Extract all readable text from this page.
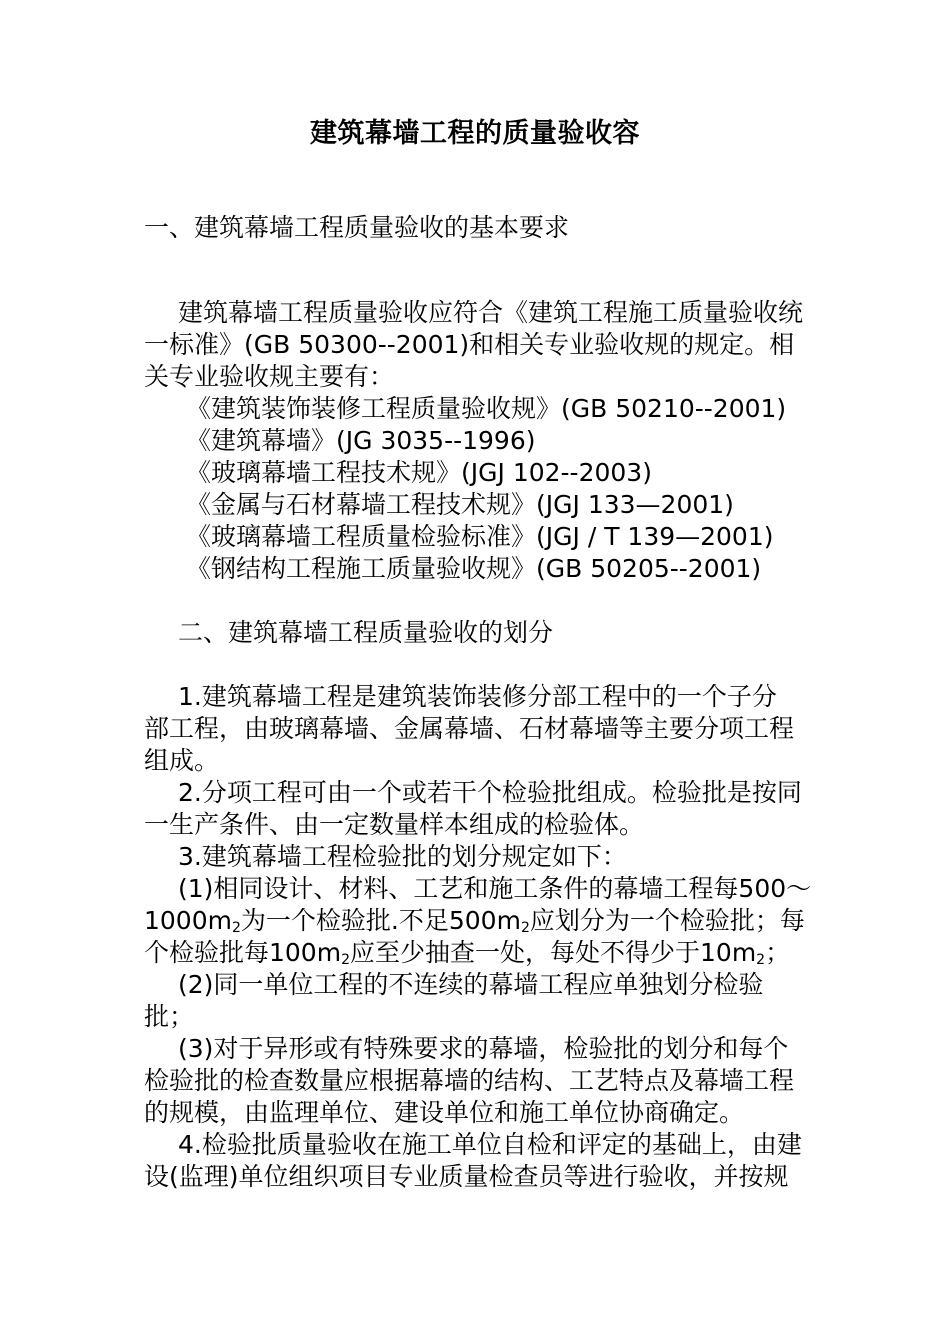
建筑幕墙工程的质量验收容
一、建筑幕墙工程质量验收的基本要求
建筑幕墙工程质量验收应符合《建筑工程施工质量验收统
一标准》(GB 50300--2001)和相关专业验收规的规定。相
关专业验收规主要有：
《建筑装饰装修工程质量验收规》(GB 50210--2001)
《建筑幕墙》(JG 3035--1996)
《玻璃幕墙工程技术规》(JGJ 102--2003)
《金属与石材幕墙工程技术规》(JGJ 133—2001)
《玻璃幕墙工程质量检验标准》(JGJ / T 139—2001)
《钢结构工程施工质量验收规》(GB 50205--2001)
二、建筑幕墙工程质量验收的划分
1.建筑幕墙工程是建筑装饰装修分部工程中的一个子分
部工程，由玻璃幕墙、金属幕墙、石材幕墙等主要分项工程
组成。
2.分项工程可由一个或若干个检验批组成。检验批是按同
一生产条件、由一定数量样本组成的检验体。
3.建筑幕墙工程检验批的划分规定如下：
(1)相同设计、材料、工艺和施工条件的幕墙工程每500～
$1000m_2$为一个检验批.不足$500m_2$应划分为一个检验批；每
个检验批每$100m_2$应至少抽查一处，每处不得少于$10m_2$；
(2)同一单位工程的不连续的幕墙工程应单独划分检验
批；
(3)对于异形或有特殊要求的幕墙，检验批的划分和每个
检验批的检查数量应根据幕墙的结构、工艺特点及幕墙工程
的规模，由监理单位、建设单位和施工单位协商确定。
4.检验批质量验收在施工单位自检和评定的基础上，由建
设(监理)单位组织项目专业质量检查员等进行验收，并按规
